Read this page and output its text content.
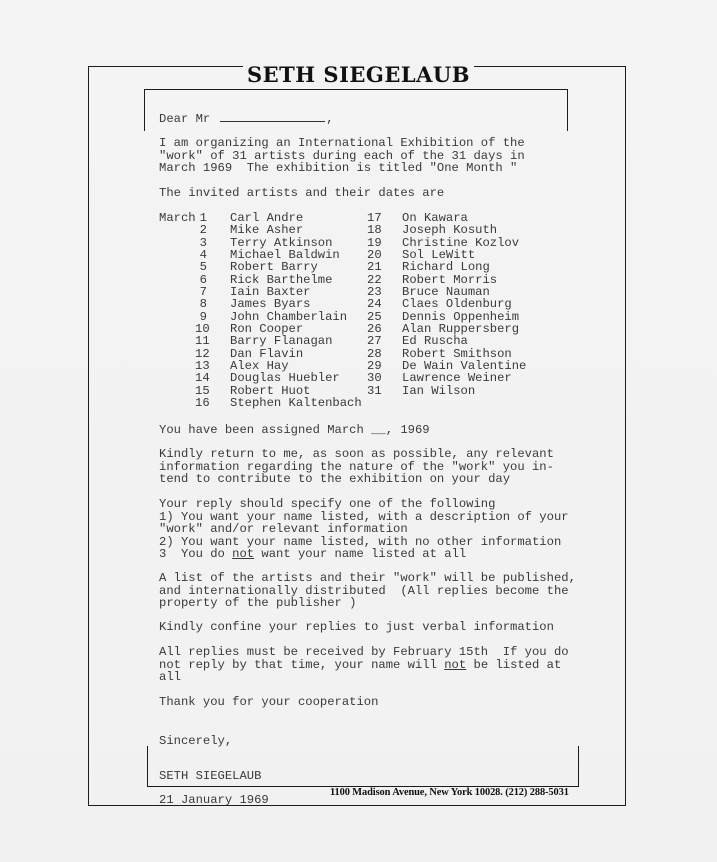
SETH SIEGELAUB
Dear Mr	,
I am organizing an International Exhibition of the
"work" of 31 artists during each of the 31 days in
March 1969  The exhibition is titled "One Month "
The invited artists and their dates are
March 1 Carl Andre	17 On Kawara
2 Mike Asher	18 Joseph Kosuth
3 Terry Atkinson	19 Christine Kozlov
4 Michael Baldwin 20 Sol LeWitt
5 Robert Barry	21 Richard Long
6 Rick Barthelme	22 Robert Morris
7 Iain Baxter	23 Bruce Nauman
8 James Byars	24 Claes Oldenburg
9 John Chamberlain 25 Dennis Oppenheim
10 Ron Cooper	26 Alan Ruppersberg
11 Barry Flanagan	27 Ed Ruscha
12 Dan Flavin	28 Robert Smithson
13 Alex Hay	29 De Wain Valentine
14 Douglas Huebler 30 Lawrence Weiner
15 Robert Huot	31 Ian Wilson
16 Stephen Kaltenbach
You have been assigned March __, 1969
Kindly return to me, as soon as possible, any relevant
information regarding the nature of the "work" you in-
tend to contribute to the exhibition on your day
Your reply should specify one of the following
1) You want your name listed, with a description of your
"work" and/or relevant information
2) You want your name listed, with no other information
3  You do not want your name listed at all
A list of the artists and their "work" will be published,
and internationally distributed  (All replies become the
property of the publisher )
Kindly confine your replies to just verbal information
All replies must be received by February 15th  If you do
not reply by that time, your name will not be listed at
all
Thank you for your cooperation
Sincerely,
SETH SIEGELAUB
21 January 1969
1100 Madison Avenue, New York 10028. (212) 288-5031
